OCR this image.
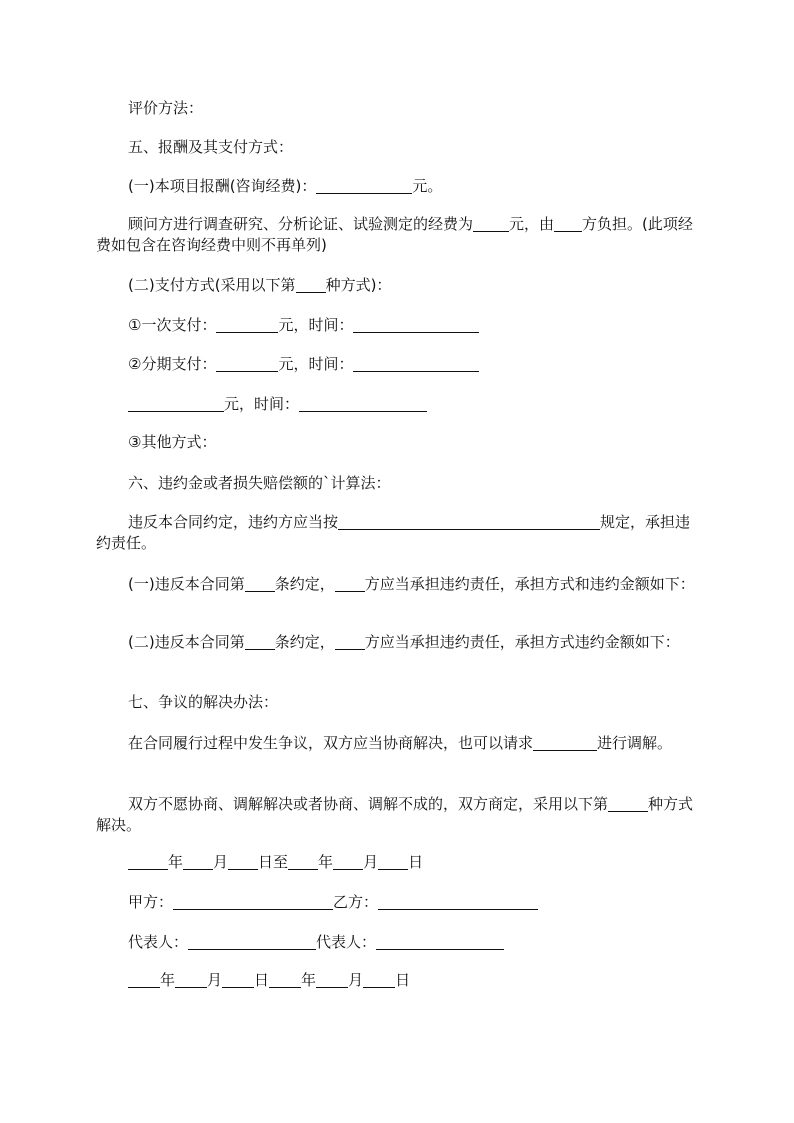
评价方法：
五、报酬及其支付方式：
(一)本项目报酬(咨询经费)：	元。
顾问方进行调查研究、分析论证、试验测定的经费为 元，由 方负担。(此项经费如包含在咨询经费中则不再单列)
(二)支付方式(采用以下第 种方式)：
①一次支付：	元，时间：
②分期支付：	元，时间：
元，时间：
③其他方式：
六、违约金或者损失赔偿额的`计算法：
违反本合同约定，违约方应当按	规定，承担违约责任。
(一)违反本合同第 条约定， 方应当承担违约责任，承担方式和违约金额如下：
(二)违反本合同第 条约定， 方应当承担违约责任，承担方式违约金额如下：
七、争议的解决办法：
在合同履行过程中发生争议，双方应当协商解决，也可以请求	进行调解。
双方不愿协商、调解解决或者协商、调解不成的，双方商定，采用以下第	种方式解决。
年 月 日至 年 月 日
甲方：	乙方：
代表人：	代表人：
年 月 日 年 月 日
